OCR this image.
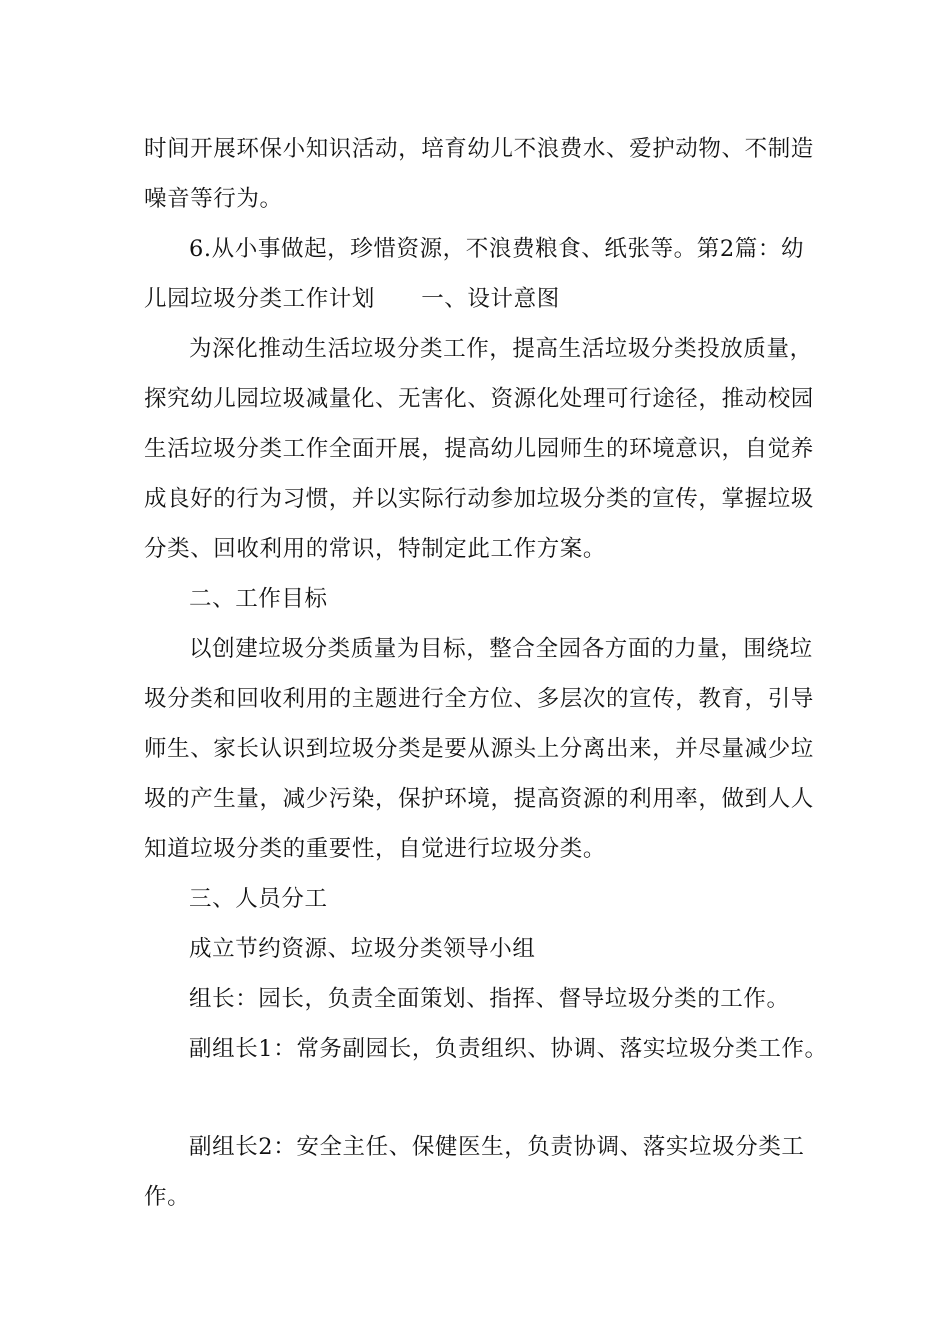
时间开展环保小知识活动，培育幼儿不浪费水、爱护动物、不制造
噪音等行为。

6.从小事做起，珍惜资源，不浪费粮食、纸张等。第2篇：幼
儿园垃圾分类工作计划　　一、设计意图

为深化推动生活垃圾分类工作，提高生活垃圾分类投放质量，
探究幼儿园垃圾减量化、无害化、资源化处理可行途径，推动校园
生活垃圾分类工作全面开展，提高幼儿园师生的环境意识，自觉养
成良好的行为习惯，并以实际行动参加垃圾分类的宣传，掌握垃圾
分类、回收利用的常识，特制定此工作方案。

二、工作目标

以创建垃圾分类质量为目标，整合全园各方面的力量，围绕垃
圾分类和回收利用的主题进行全方位、多层次的宣传，教育，引导
师生、家长认识到垃圾分类是要从源头上分离出来，并尽量减少垃
圾的产生量，减少污染，保护环境，提高资源的利用率，做到人人
知道垃圾分类的重要性，自觉进行垃圾分类。

三、人员分工

成立节约资源、垃圾分类领导小组

组长：园长，负责全面策划、指挥、督导垃圾分类的工作。

副组长1：常务副园长，负责组织、协调、落实垃圾分类工作。

副组长2：安全主任、保健医生，负责协调、落实垃圾分类工
作。
